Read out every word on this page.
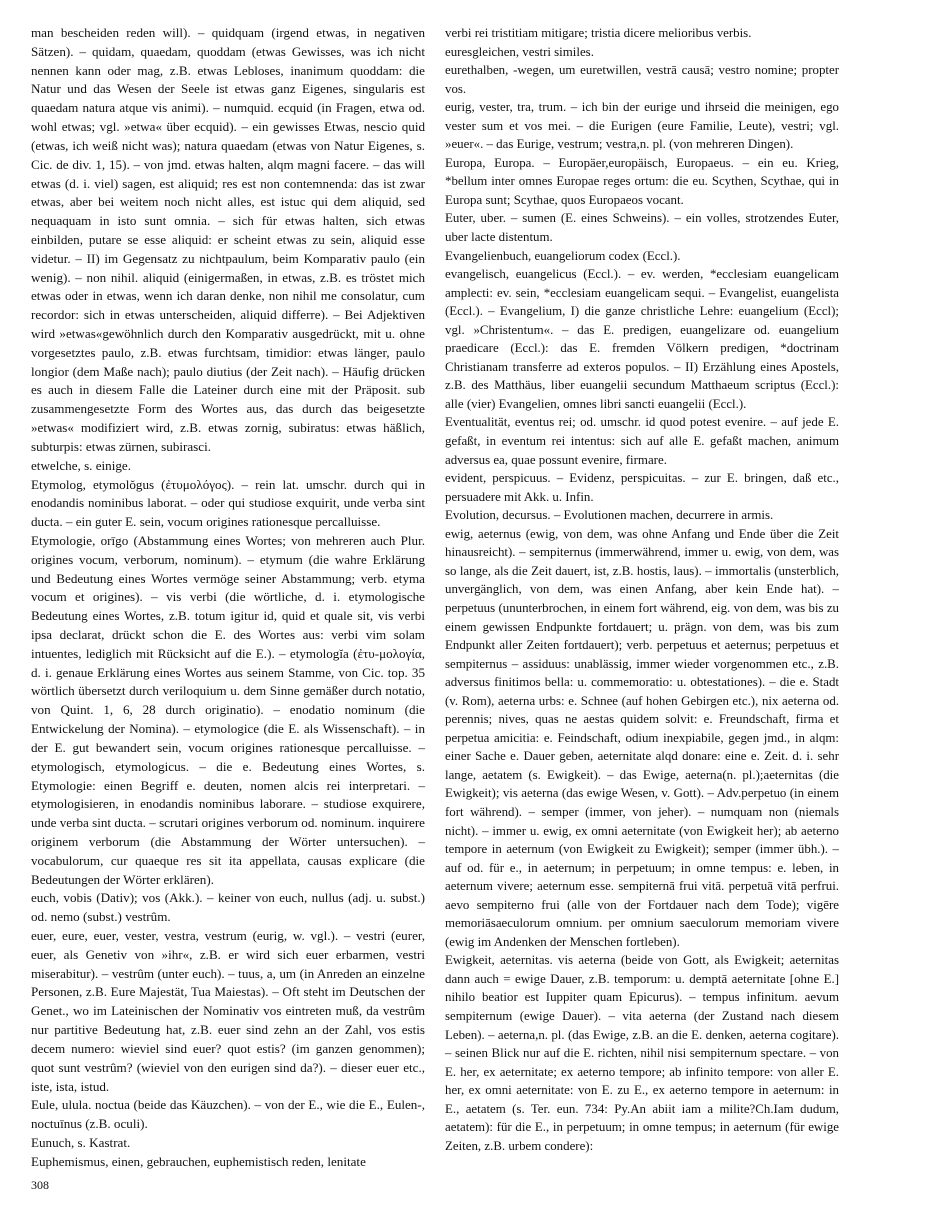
man bescheiden reden will). – quidquam (irgend etwas, in negativen Sätzen). – quidam, quaedam, quoddam (etwas Gewisses, was ich nicht nennen kann oder mag, z.B. etwas Lebloses, inanimum quoddam: die Natur und das Wesen der Seele ist etwas ganz Eigenes, singularis est quaedam natura atque vis animi). – numquid. ecquid (in Fragen, etwa od. wohl etwas; vgl. »etwa« über ecquid). – ein gewisses Etwas, nescio quid (etwas, ich weiß nicht was); natura quaedam (etwas von Natur Eigenes, s. Cic. de div. 1, 15). – von jmd. etwas halten, alqm magni facere. – das will etwas (d. i. viel) sagen, est aliquid; res est non contemnenda: das ist zwar etwas, aber bei weitem noch nicht alles, est istuc qui dem aliquid, sed nequaquam in isto sunt omnia. – sich für etwas halten, sich etwas einbilden, putare se esse aliquid: er scheint etwas zu sein, aliquid esse videtur. – II) im Gegensatz zu nichtpaulum, beim Komparativ paulo (ein wenig). – non nihil. aliquid (einigermaßen, in etwas, z.B. es tröstet mich etwas oder in etwas, wenn ich daran denke, non nihil me consolatur, cum recordor: sich in etwas unterscheiden, aliquid differre). – Bei Adjektiven wird »etwas«gewöhnlich durch den Komparativ ausgedrückt, mit u. ohne vorgesetztes paulo, z.B. etwas furchtsam, timidior: etwas länger, paulo longior (dem Maße nach); paulo diutius (der Zeit nach). – Häufig drücken es auch in diesem Falle die Lateiner durch eine mit der Präposit. sub zusammengesetzte Form des Wortes aus, das durch das beigesetzte »etwas« modifiziert wird, z.B. etwas zornig, subiratus: etwas häßlich, subturpis: etwas zürnen, subirasci.

etwelche, s. einige.

Etymolog, etymolŏgus (ἐτυμολόγος). – rein lat. umschr. durch qui in enodandis nominibus laborat. – oder qui studiose exquirit, unde verba sint ducta. – ein guter E. sein, vocum origines rationesque percalluisse.

Etymologie, orīgo (Abstammung eines Wortes; von mehreren auch Plur. origines vocum, verborum, nominum). – etymum (die wahre Erklärung und Bedeutung eines Wortes vermöge seiner Abstammung; verb. etyma vocum et origines). – vis verbi (die wörtliche, d. i. etymologische Bedeutung eines Wortes, z.B. totum igitur id, quid et quale sit, vis verbi ipsa declarat, drückt schon die E. des Wortes aus: verbi vim solam intuentes, lediglich mit Rücksicht auf die E.). – etymologĭa (ἐτυ-μολογία, d. i. genaue Erklärung eines Wortes aus seinem Stamme, von Cic. top. 35 wörtlich übersetzt durch veriloquium u. dem Sinne gemäßer durch notatio, von Quint. 1, 6, 28 durch originatio). – enodatio nominum (die Entwickelung der Nomina). – etymologice (die E. als Wissenschaft). – in der E. gut bewandert sein, vocum origines rationesque percalluisse. – etymologisch, etymologicus. – die e. Bedeutung eines Wortes, s. Etymologie: einen Begriff e. deuten, nomen alcis rei interpretari. – etymologisieren, in enodandis nominibus laborare. – studiose exquirere, unde verba sint ducta. – scrutari origines verborum od. nominum. inquirere originem verborum (die Abstammung der Wörter untersuchen). – vocabulorum, cur quaeque res sit ita appellata, causas explicare (die Bedeutungen der Wörter erklären).

euch, vobis (Dativ); vos (Akk.). – keiner von euch, nullus (adj. u. subst.) od. nemo (subst.) vestrûm.

euer, eure, euer, vester, vestra, vestrum (eurig, w. vgl.). – vestri (eurer, euer, als Genetiv von »ihr«, z.B. er wird sich euer erbarmen, vestri miserabitur). – vestrûm (unter euch). – tuus, a, um (in Anreden an einzelne Personen, z.B. Eure Majestät, Tua Maiestas). – Oft steht im Deutschen der Genet., wo im Lateinischen der Nominativ vos eintreten muß, da vestrûm nur partitive Bedeutung hat, z.B. euer sind zehn an der Zahl, vos estis decem numero: wieviel sind euer? quot estis? (im ganzen genommen); quot sunt vestrûm? (wieviel von den eurigen sind da?). – dieser euer etc., iste, ista, istud.

Eule, ulula. noctua (beide das Käuzchen). – von der E., wie die E., Eulen-, noctuīnus (z.B. oculi).

Eunuch, s. Kastrat.

Euphemismus, einen, gebrauchen, euphemistisch reden, lenitate

verbi rei tristitiam mitigare; tristia dicere melioribus verbis.

euresgleichen, vestri similes.

eurethalben, -wegen, um euretwillen, vestrā causā; vestro nomine; propter vos.

eurig, vester, tra, trum. – ich bin der eurige und ihrseid die meinigen, ego vester sum et vos mei. – die Eurigen (eure Familie, Leute), vestri; vgl. »euer«. – das Eurige, vestrum; vestra,n. pl. (von mehreren Dingen).

Europa, Europa. – Europäer,europäisch, Europaeus. – ein eu. Krieg, *bellum inter omnes Europae reges ortum: die eu. Scythen, Scythae, qui in Europa sunt; Scythae, quos Europaeos vocant.

Euter, uber. – sumen (E. eines Schweins). – ein volles, strotzendes Euter, uber lacte distentum.

Evangelienbuch, euangeliorum codex (Eccl.).

evangelisch, euangelicus (Eccl.). – ev. werden, *ecclesiam euangelicam amplecti: ev. sein, *ecclesiam euangelicam sequi. – Evangelist, euangelista (Eccl.). – Evangelium, I) die ganze christliche Lehre: euangelium (Eccl); vgl. »Christentum«. – das E. predigen, euangelizare od. euangelium praedicare (Eccl.): das E. fremden Völkern predigen, *doctrinam Christianam transferre ad exteros populos. – II) Erzählung eines Apostels, z.B. des Matthäus, liber euangelii secundum Matthaeum scriptus (Eccl.): alle (vier) Evangelien, omnes libri sancti euangelii (Eccl.).

Eventualität, eventus rei; od. umschr. id quod potest evenire. – auf jede E. gefaßt, in eventum rei intentus: sich auf alle E. gefaßt machen, animum adversus ea, quae possunt evenire, firmare.

evident, perspicuus. – Evidenz, perspicuitas. – zur E. bringen, daß etc., persuadere mit Akk. u. Infin.

Evolution, decursus. – Evolutionen machen, decurrere in armis.

ewig, aeternus (ewig, von dem, was ohne Anfang und Ende über die Zeit hinausreicht). – sempiternus (immerwährend, immer u. ewig, von dem, was so lange, als die Zeit dauert, ist, z.B. hostis, laus). – immortalis (unsterblich, unvergänglich, von dem, was einen Anfang, aber kein Ende hat). – perpetuus (ununterbrochen, in einem fort während, eig. von dem, was bis zu einem gewissen Endpunkte fortdauert; u. prägn. von dem, was bis zum Endpunkt aller Zeiten fortdauert); verb. perpetuus et aeternus; perpetuus et sempiternus – assiduus: unablässig, immer wieder vorgenommen etc., z.B. adversus finitimos bella: u. commemoratio: u. obtestationes). – die e. Stadt (v. Rom), aeterna urbs: e. Schnee (auf hohen Gebirgen etc.), nix aeterna od. perennis; nives, quas ne aestas quidem solvit: e. Freundschaft, firma et perpetua amicitia: e. Feindschaft, odium inexpiabile, gegen jmd., in alqm: einer Sache e. Dauer geben, aeternitate alqd donare: eine e. Zeit. d. i. sehr lange, aetatem (s. Ewigkeit). – das Ewige, aeterna(n. pl.);aeternitas (die Ewigkeit); vis aeterna (das ewige Wesen, v. Gott). – Adv.perpetuo (in einem fort während). – semper (immer, von jeher). – numquam non (niemals nicht). – immer u. ewig, ex omni aeternitate (von Ewigkeit her); ab aeterno tempore in aeternum (von Ewigkeit zu Ewigkeit); semper (immer übh.). – auf od. für e., in aeternum; in perpetuum; in omne tempus: e. leben, in aeternum vivere; aeternum esse. sempiternā frui vitā. perpetuā vitā perfrui. aevo sempiterno frui (alle von der Fortdauer nach dem Tode); vigēre memoriāsaeculorum omnium. per omnium saeculorum memoriam vivere (ewig im Andenken der Menschen fortleben).

Ewigkeit, aeternitas. vis aeterna (beide von Gott, als Ewigkeit; aeternitas dann auch = ewige Dauer, z.B. temporum: u. demptā aeternitate [ohne E.] nihilo beatior est Iuppiter quam Epicurus). – tempus infinitum. aevum sempiternum (ewige Dauer). – vita aeterna (der Zustand nach diesem Leben). – aeterna,n. pl. (das Ewige, z.B. an die E. denken, aeterna cogitare). – seinen Blick nur auf die E. richten, nihil nisi sempiternum spectare. – von E. her, ex aeternitate; ex aeterno tempore; ab infinito tempore: von aller E. her, ex omni aeternitate: von E. zu E., ex aeterno tempore in aeternum: in E., aetatem (s. Ter. eun. 734: Py.An abiit iam a milite?Ch.Iam dudum, aetatem): für die E., in perpetuum; in omne tempus; in aeternum (für ewige Zeiten, z.B. urbem condere):

308
